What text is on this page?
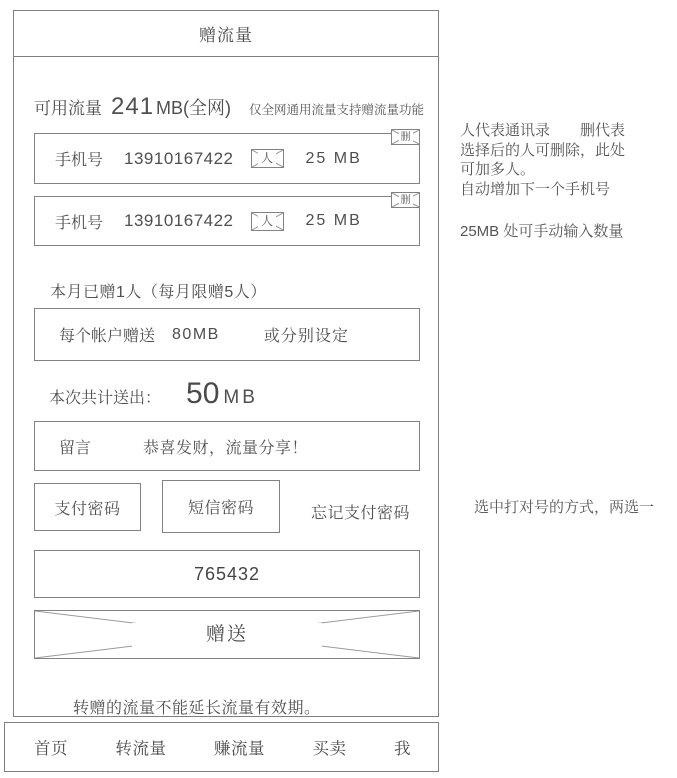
赠流量
可用流量 241 MB(全网) 仅全网通用流量支持赠流量功能
手机号 13910167422 人 25 MB
删
手机号 13910167422 人 25 MB
删
本月已赠1人（每月限赠5人）
每个帐户赠送 80MB	或分别设定
本次共计送出： 50 MB
留言	恭喜发财，流量分享！
支付密码	短信密码	忘记支付密码
765432
赠送
转赠的流量不能延长流量有效期。
首页	转流量	赚流量	买卖	我
人代表通讯录　　删代表
选择后的人可删除，此处
可加多人。
自动增加下一个手机号
25MB 处可手动输入数量
选中打对号的方式，两选一
